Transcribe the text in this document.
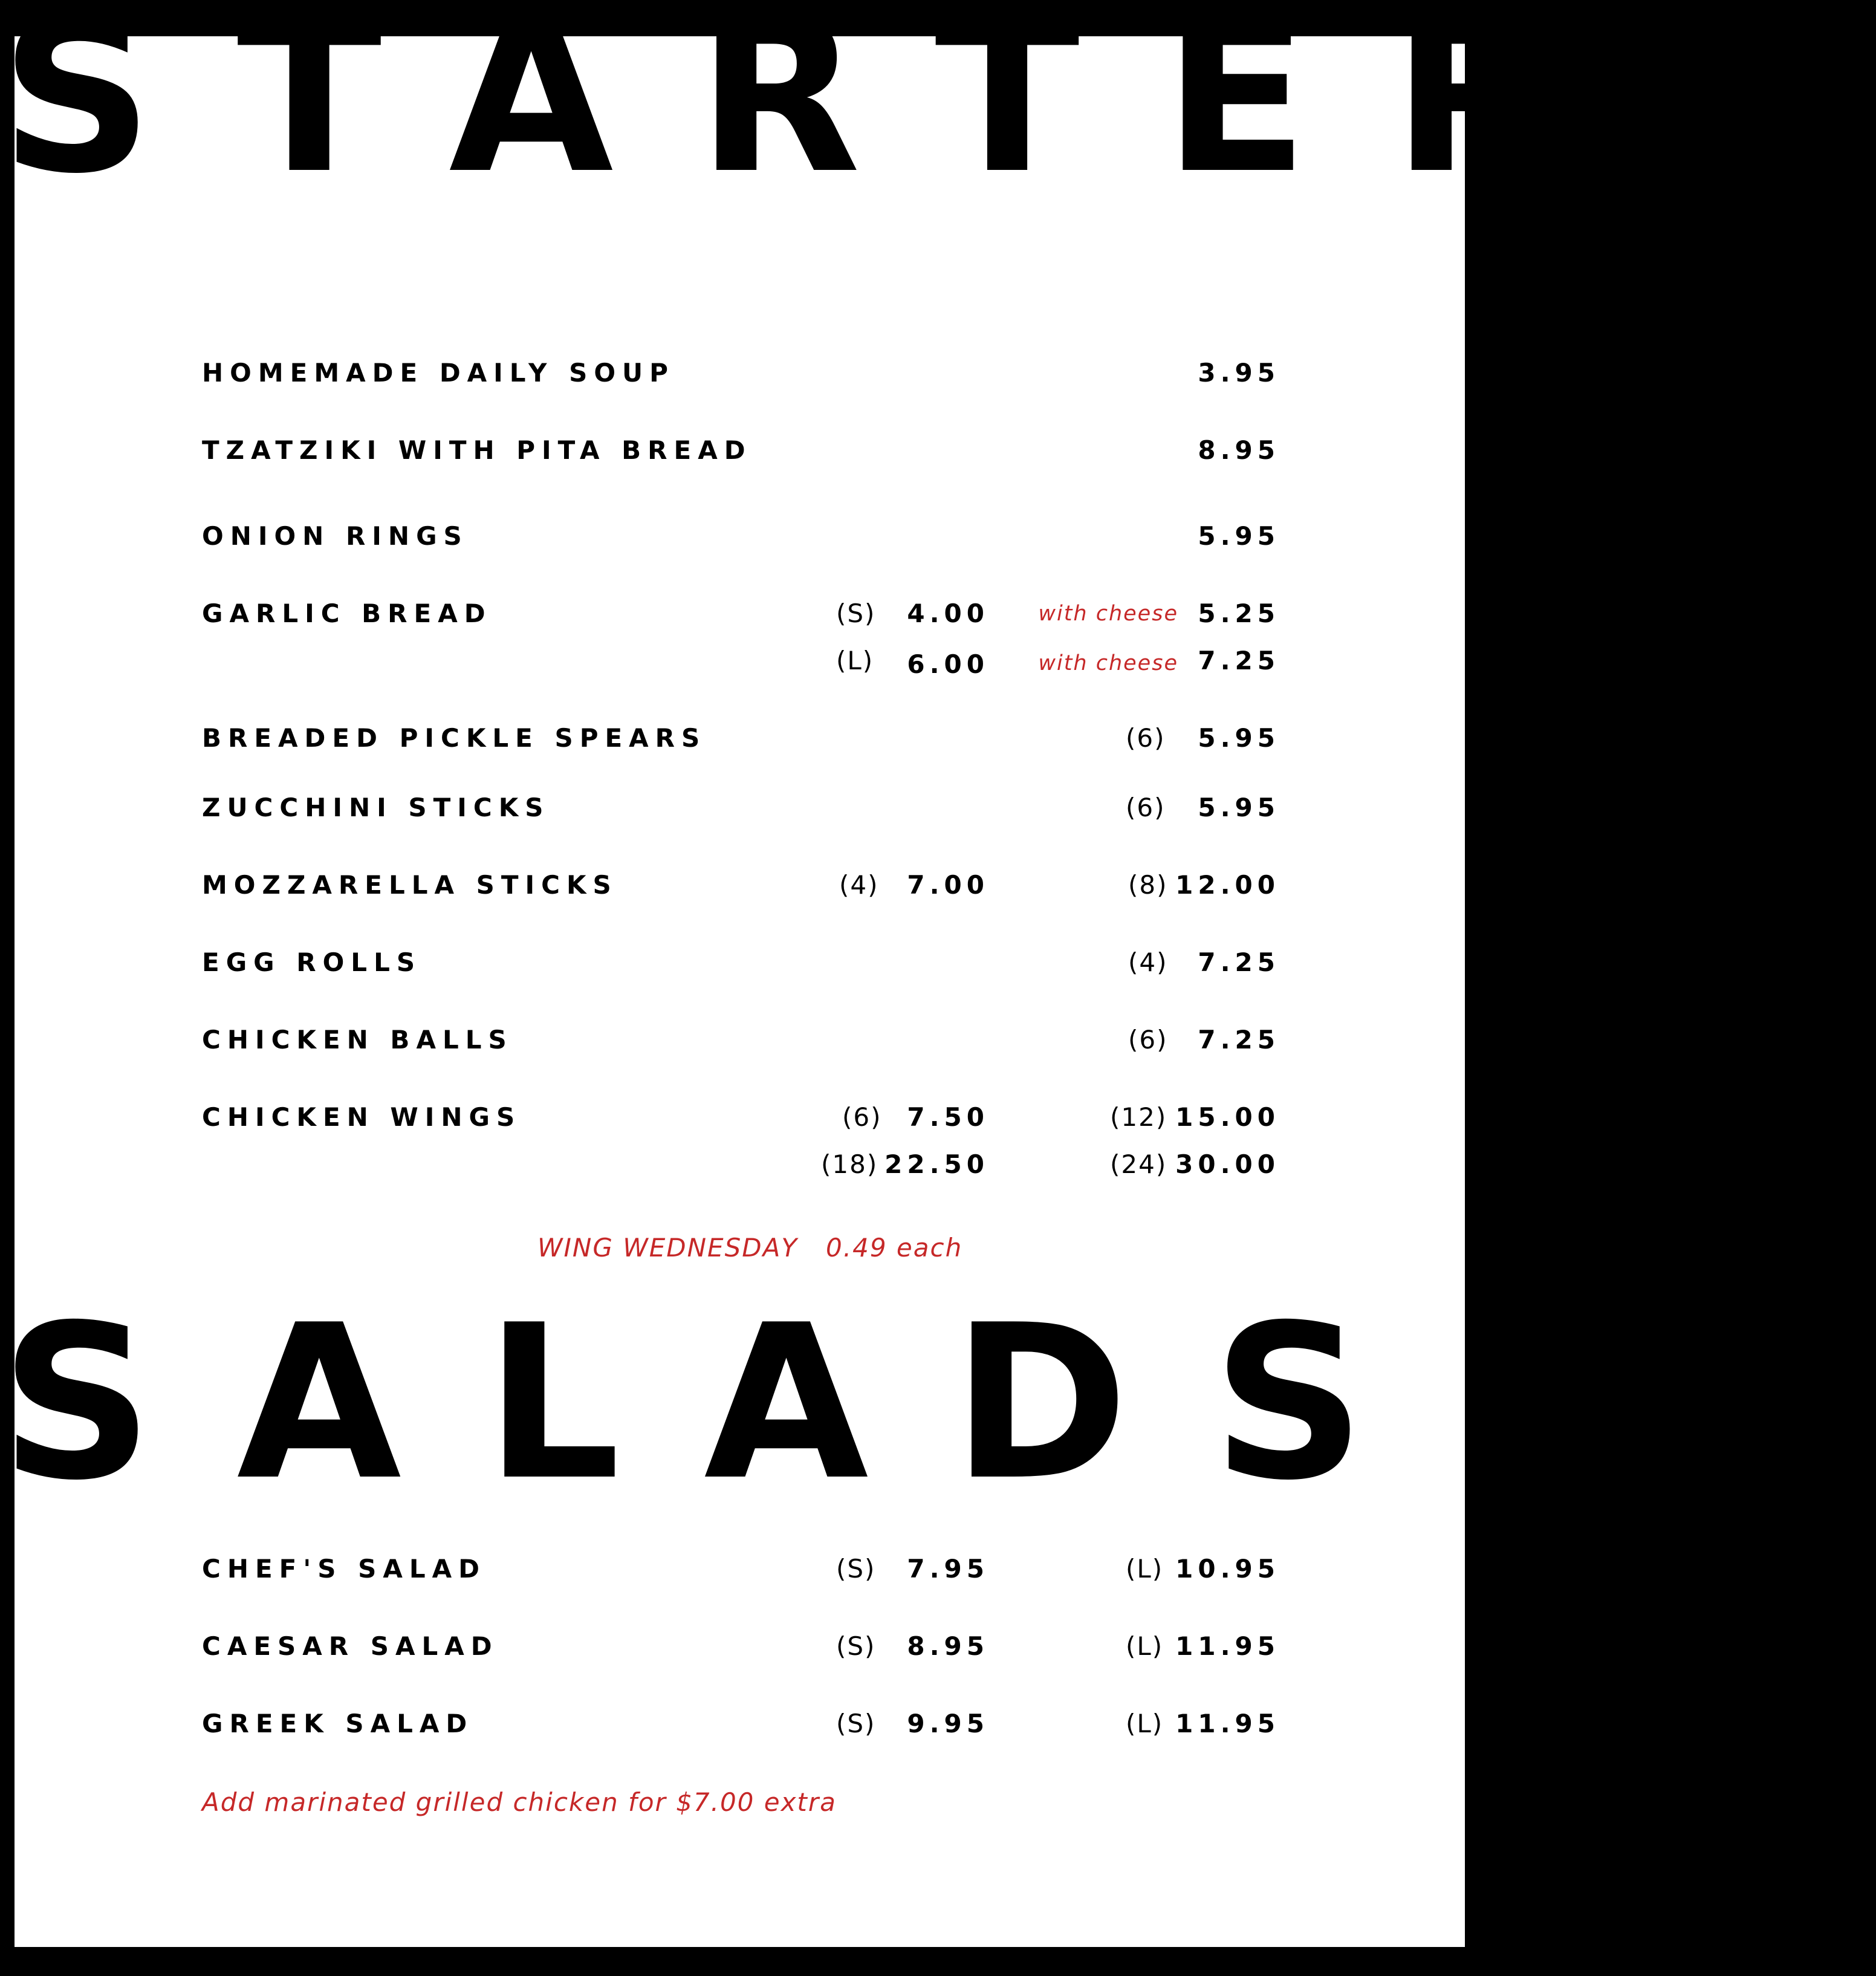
STARTERS
HOMEMADE DAILY SOUP	3.95
TZATZIKI WITH PITA BREAD	8.95
ONION RINGS	5.95
GARLIC BREAD	(S) 4.00 with cheese 5.25
(L) 6.00 with cheese 7.25
BREADED PICKLE SPEARS	(6) 5.95
ZUCCHINI STICKS	(6) 5.95
MOZZARELLA STICKS	(4) 7.00	(8) 12.00
EGG ROLLS	(4) 7.25
CHICKEN BALLS	(6) 7.25
CHICKEN WINGS	(6) 7.50	(12) 15.00
(18) 22.50	(24) 30.00
WING WEDNESDAY   0.49 each
SALADS
CHEF'S SALAD	(S) 7.95	(L) 10.95
CAESAR SALAD	(S) 8.95	(L) 11.95
GREEK SALAD	(S) 9.95	(L) 11.95
Add marinated grilled chicken for $7.00 extra
